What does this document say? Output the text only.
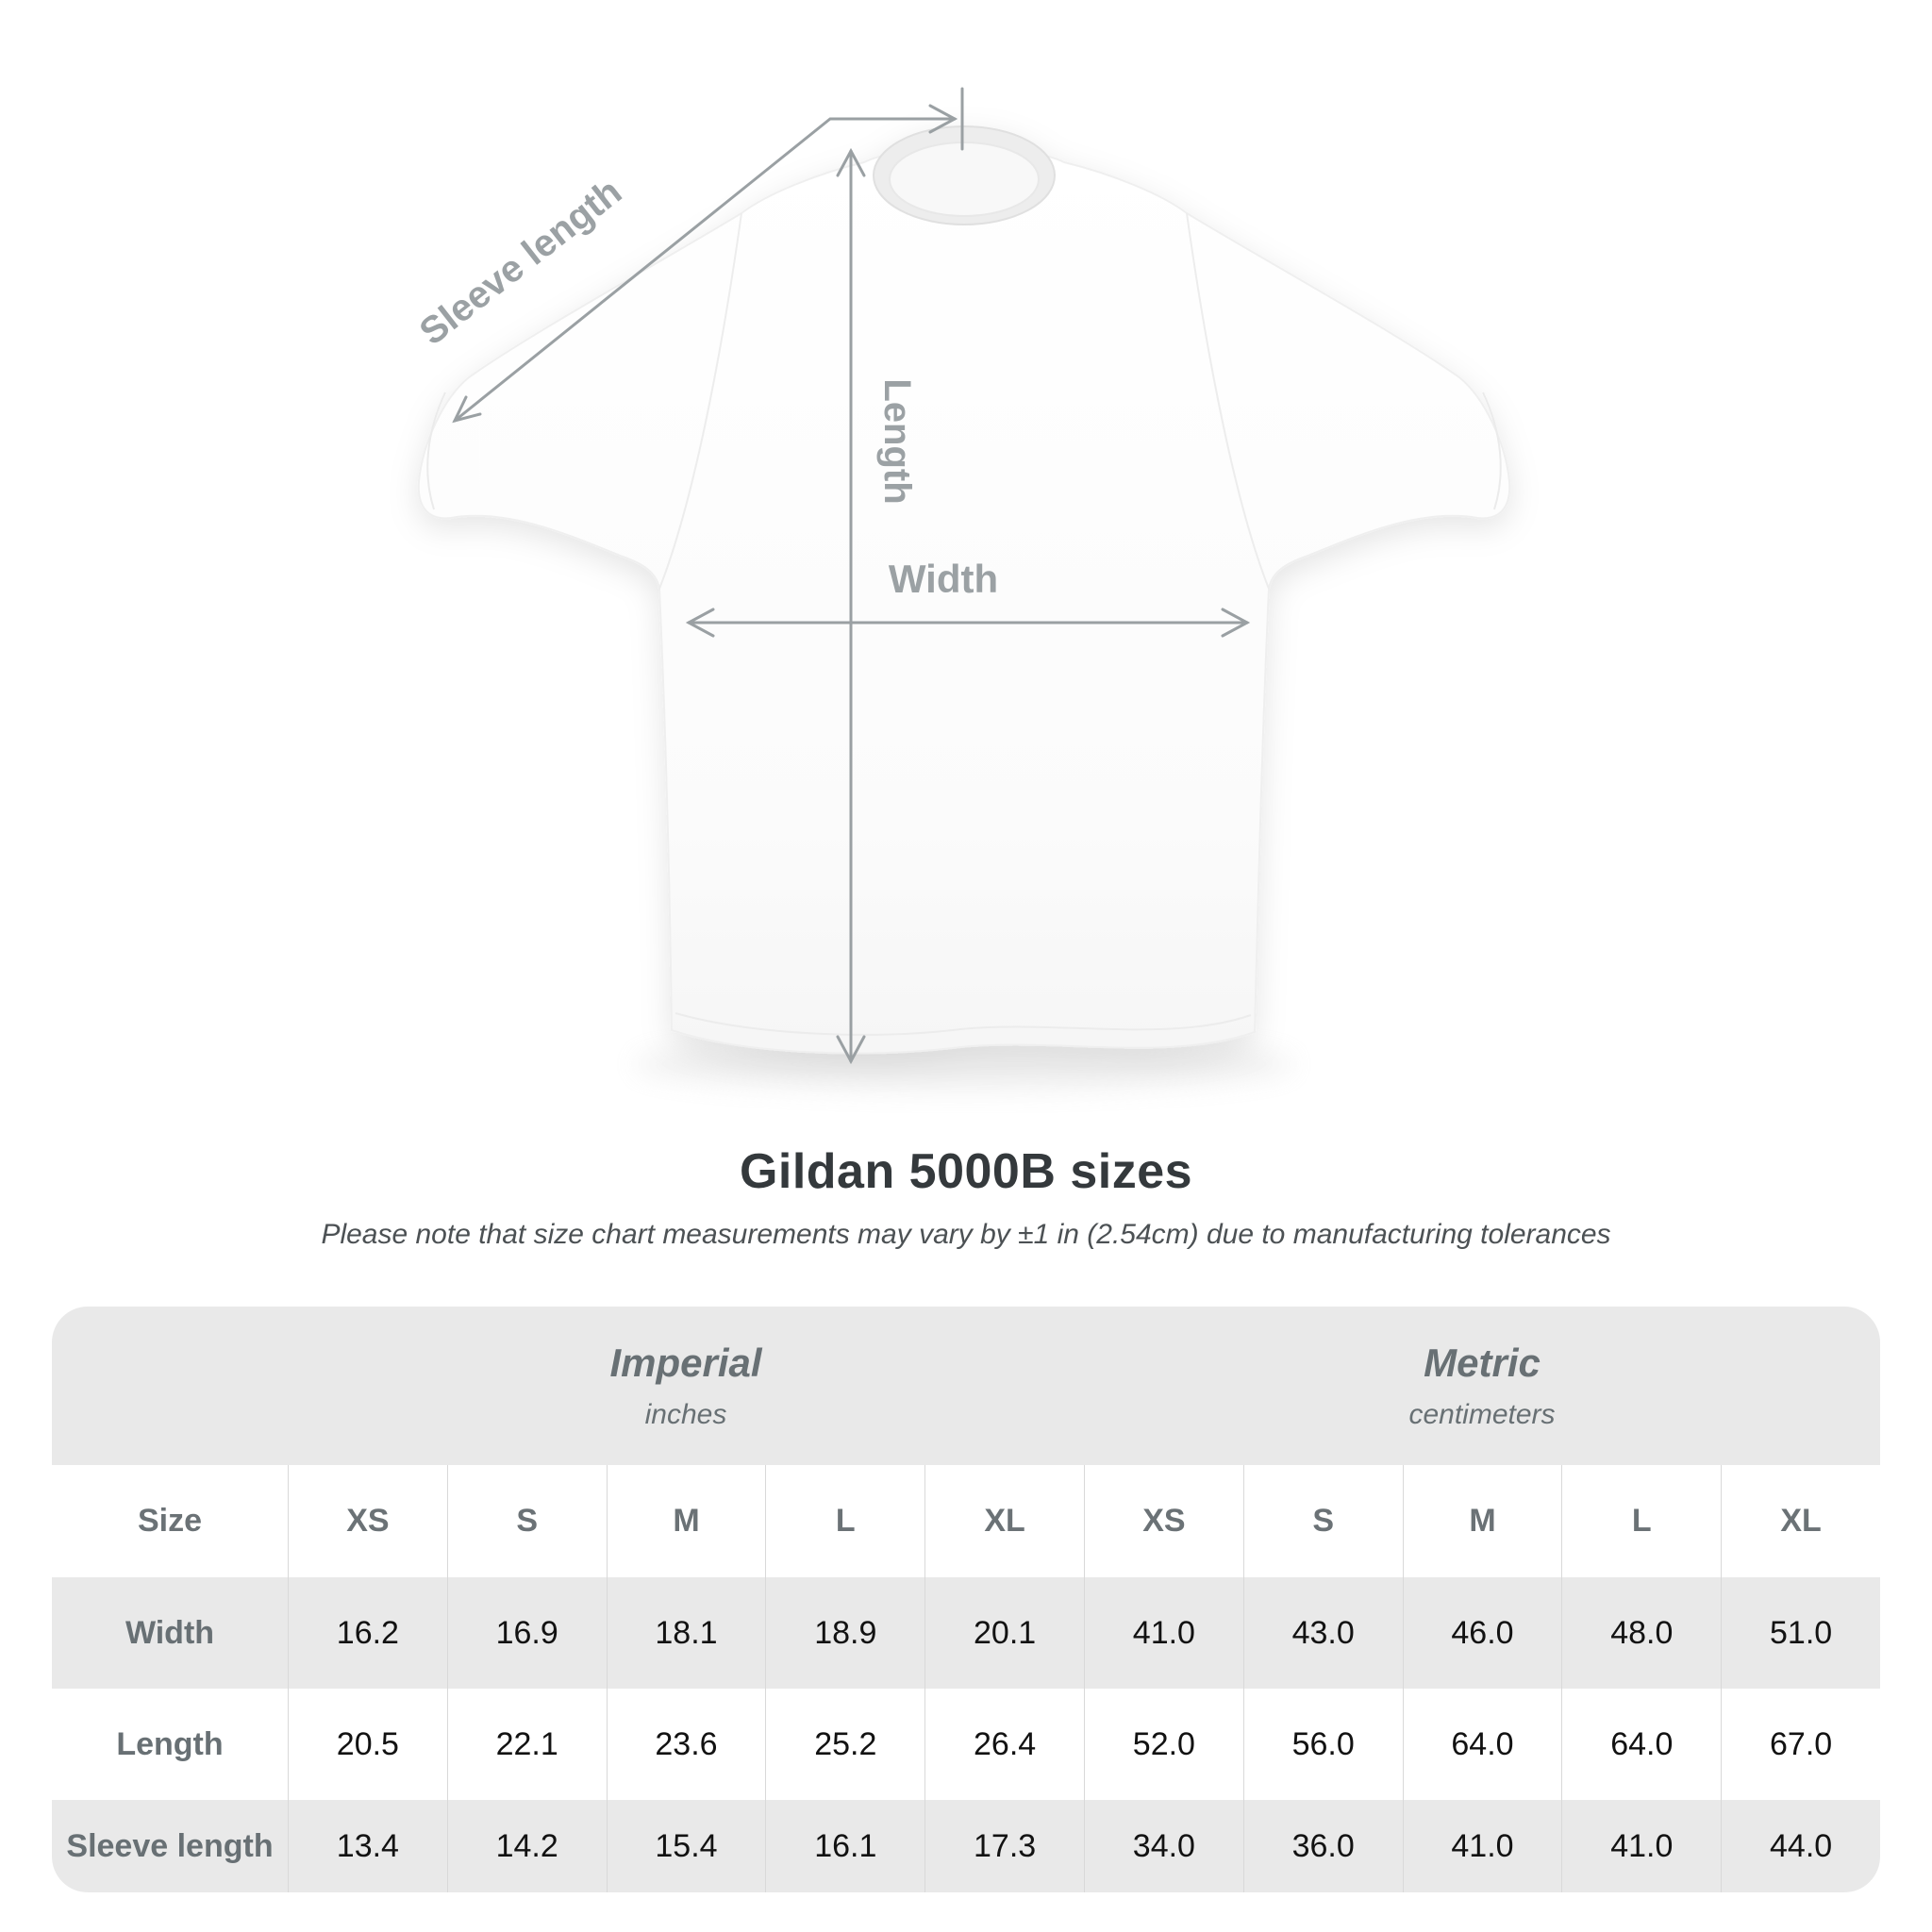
Sleeve length
Length
Width
Gildan 5000B sizes
Please note that size chart measurements may vary by ±1 in (2.54cm) due to manufacturing tolerances
Imperial
inches
Metric
centimeters
Size	XS	S	M	L	XL	XS	S	M	L	XL
Width	16.2	16.9	18.1	18.9	20.1	41.0	43.0	46.0	48.0	51.0
Length	20.5	22.1	23.6	25.2	26.4	52.0	56.0	64.0	64.0	67.0
Sleeve length	13.4	14.2	15.4	16.1	17.3	34.0	36.0	41.0	41.0	44.0
